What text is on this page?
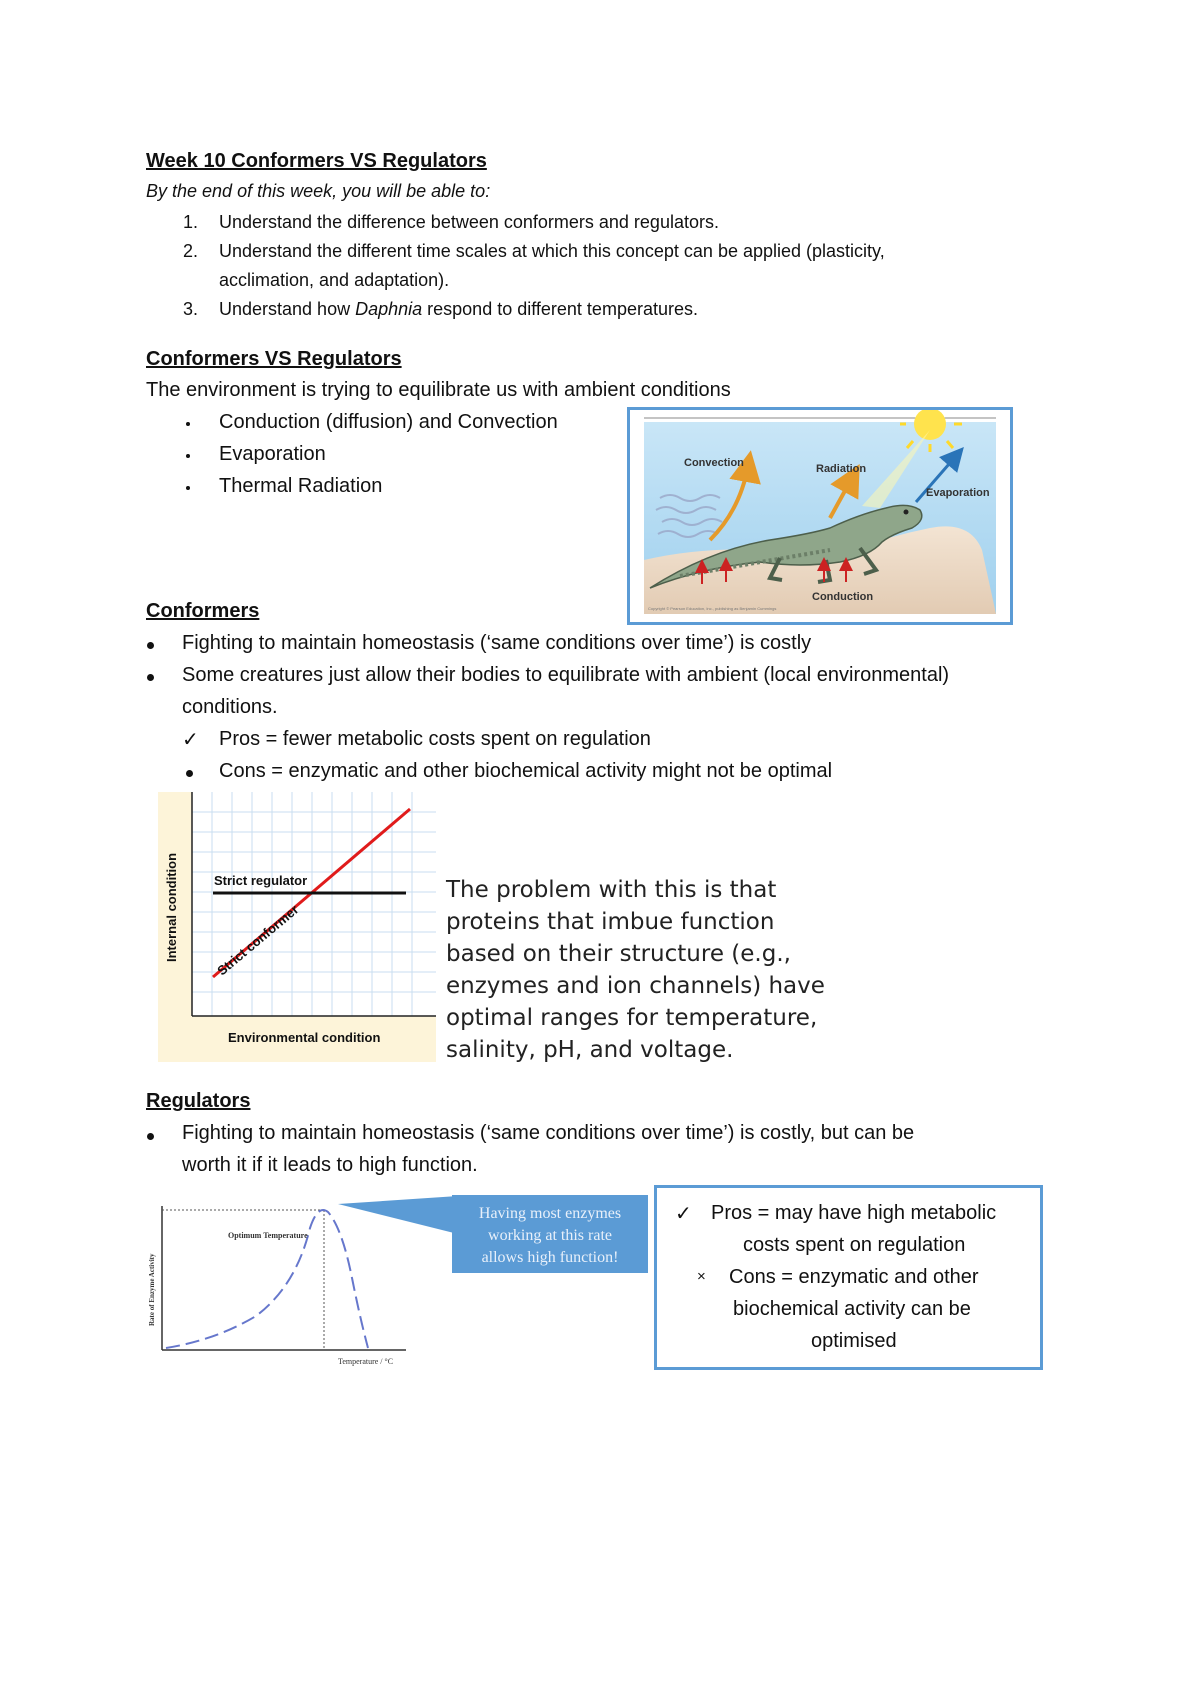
Week 10 Conformers VS Regulators
By the end of this week, you will be able to:
1. Understand the difference between conformers and regulators.
2. Understand the different time scales at which this concept can be applied (plasticity,
acclimation, and adaptation).
3. Understand how Daphnia respond to different temperatures.
Conformers VS Regulators
The environment is trying to equilibrate us with ambient conditions
Conduction (diffusion) and Convection
Evaporation
Thermal Radiation
Convection	Radiation
Evaporation
Conduction
Copyright © Pearson Education, Inc., publishing as Benjamin Cummings
Conformers
Fighting to maintain homeostasis (‘same conditions over time’) is costly
Some creatures just allow their bodies to equilibrate with ambient (local environmental)
conditions.
✓ Pros = fewer metabolic costs spent on regulation
Cons = enzymatic and other biochemical activity might not be optimal
Strict regulator
Strict conformer
Internal condition
Environmental condition
The problem with this is that
proteins that imbue function
based on their structure (e.g.,
enzymes and ion channels) have
optimal ranges for temperature,
salinity, pH, and voltage.
Regulators
Fighting to maintain homeostasis (‘same conditions over time’) is costly, but can be
worth it if it leads to high function.
Optimum Temperature
Rate of Enzyme Activity
Temperature / °C
Having most enzymes
working at this rate
allows high function!
✓ Pros = may have high metabolic
costs spent on regulation
× Cons = enzymatic and other
biochemical activity can be
optimised
